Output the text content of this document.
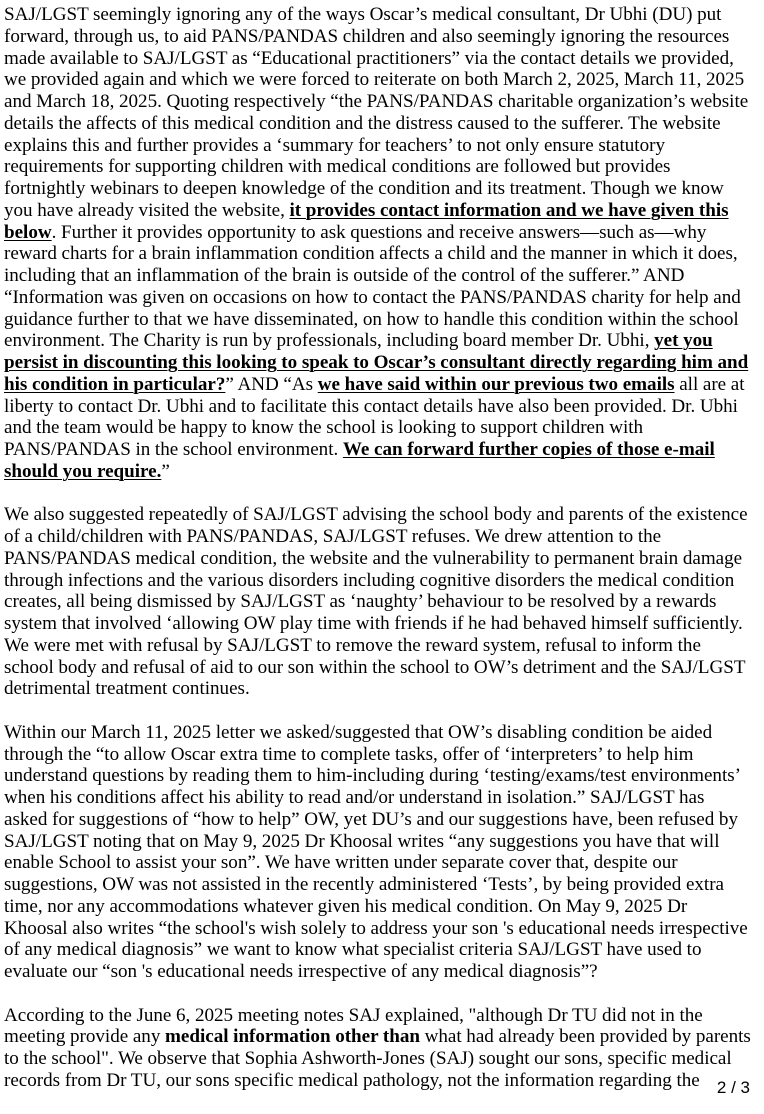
SAJ/LGST seemingly ignoring any of the ways Oscar’s medical consultant, Dr Ubhi (DU) put forward, through us, to aid PANS/PANDAS children and also seemingly ignoring the resources made available to SAJ/LGST as “Educational practitioners” via the contact details we provided, we provided again and which we were forced to reiterate on both March 2, 2025, March 11, 2025 and March 18, 2025. Quoting respectively “the PANS/PANDAS charitable organization’s website details the affects of this medical condition and the distress caused to the sufferer. The website explains this and further provides a ‘summary for teachers’ to not only ensure statutory requirements for supporting children with medical conditions are followed but provides fortnightly webinars to deepen knowledge of the condition and its treatment. Though we know you have already visited the website, it provides contact information and we have given this below. Further it provides opportunity to ask questions and receive answers—such as—why reward charts for a brain inflammation condition affects a child and the manner in which it does, including that an inflammation of the brain is outside of the control of the sufferer.” AND “Information was given on occasions on how to contact the PANS/PANDAS charity for help and guidance further to that we have disseminated, on how to handle this condition within the school environment. The Charity is run by professionals, including board member Dr. Ubhi, yet you persist in discounting this looking to speak to Oscar’s consultant directly regarding him and his condition in particular?” AND “As we have said within our previous two emails all are at liberty to contact Dr. Ubhi and to facilitate this contact details have also been provided. Dr. Ubhi and the team would be happy to know the school is looking to support children with PANS/PANDAS in the school environment. We can forward further copies of those e-mail should you require.”

We also suggested repeatedly of SAJ/LGST advising the school body and parents of the existence of a child/children with PANS/PANDAS, SAJ/LGST refuses. We drew attention to the PANS/PANDAS medical condition, the website and the vulnerability to permanent brain damage through infections and the various disorders including cognitive disorders the medical condition creates, all being dismissed by SAJ/LGST as ‘naughty’ behaviour to be resolved by a rewards system that involved ‘allowing OW play time with friends if he had behaved himself sufficiently. We were met with refusal by SAJ/LGST to remove the reward system, refusal to inform the school body and refusal of aid to our son within the school to OW’s detriment and the SAJ/LGST detrimental treatment continues.

Within our March 11, 2025 letter we asked/suggested that OW’s disabling condition be aided through the “to allow Oscar extra time to complete tasks, offer of ‘interpreters’ to help him understand questions by reading them to him-including during ‘testing/exams/test environments’ when his conditions affect his ability to read and/or understand in isolation.” SAJ/LGST has asked for suggestions of “how to help” OW, yet DU’s and our suggestions have, been refused by SAJ/LGST noting that on May 9, 2025 Dr Khoosal writes “any suggestions you have that will enable School to assist your son”. We have written under separate cover that, despite our suggestions, OW was not assisted in the recently administered ‘Tests’, by being provided extra time, nor any accommodations whatever given his medical condition. On May 9, 2025 Dr Khoosal also writes “the school's wish solely to address your son 's educational needs irrespective of any medical diagnosis” we want to know what specialist criteria SAJ/LGST have used to evaluate our “son 's educational needs irrespective of any medical diagnosis”?

According to the June 6, 2025 meeting notes SAJ explained, "although Dr TU did not in the meeting provide any medical information other than what had already been provided by parents to the school". We observe that Sophia Ashworth-Jones (SAJ) sought our sons, specific medical records from Dr TU, our sons specific medical pathology, not the information regarding the	2 / 3
